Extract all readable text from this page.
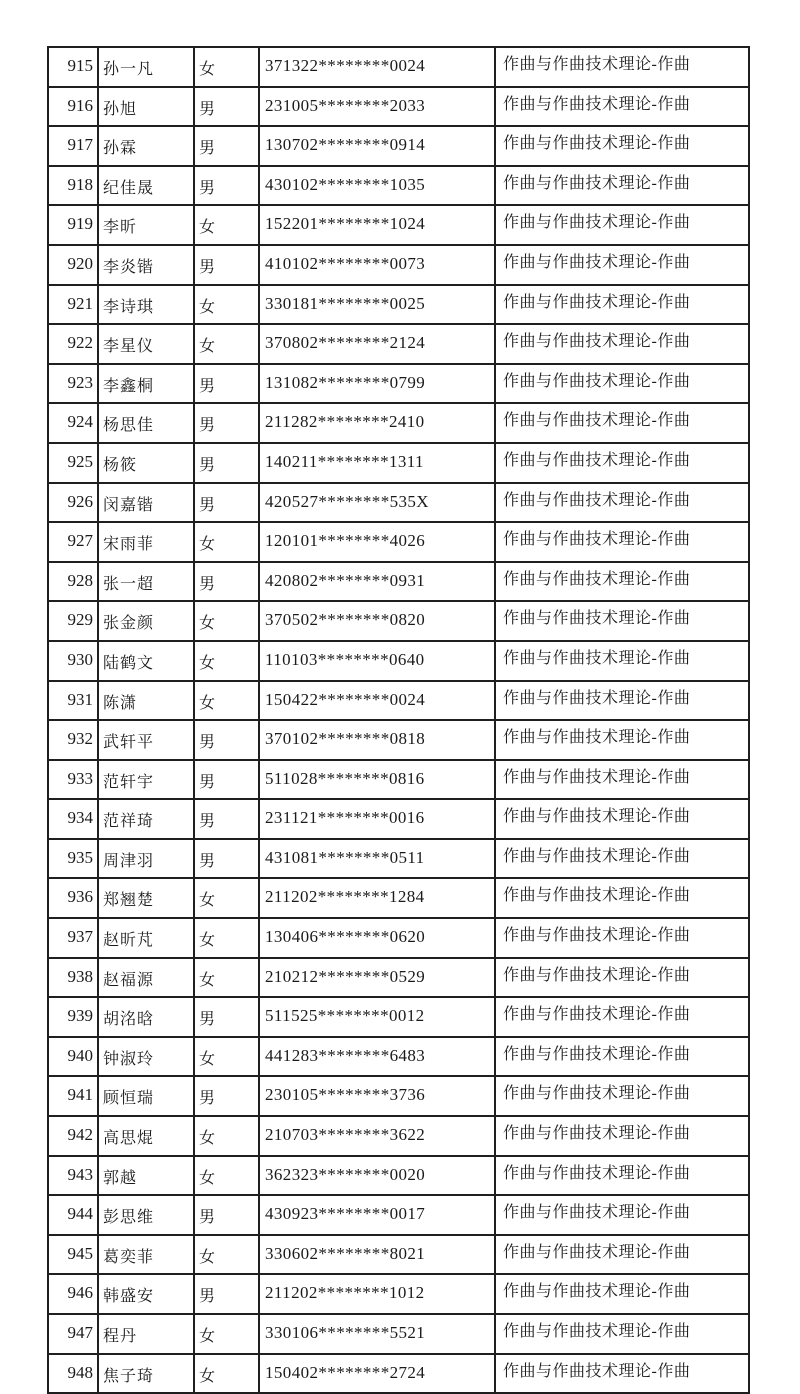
915	孙一凡	女	371322********0024	作曲与作曲技术理论-作曲
916	孙旭	男	231005********2033	作曲与作曲技术理论-作曲
917	孙霖	男	130702********0914	作曲与作曲技术理论-作曲
918	纪佳晟	男	430102********1035	作曲与作曲技术理论-作曲
919	李昕	女	152201********1024	作曲与作曲技术理论-作曲
920	李炎锴	男	410102********0073	作曲与作曲技术理论-作曲
921	李诗琪	女	330181********0025	作曲与作曲技术理论-作曲
922	李星仪	女	370802********2124	作曲与作曲技术理论-作曲
923	李鑫桐	男	131082********0799	作曲与作曲技术理论-作曲
924	杨思佳	男	211282********2410	作曲与作曲技术理论-作曲
925	杨筱	男	140211********1311	作曲与作曲技术理论-作曲
926	闵嘉锴	男	420527********535X	作曲与作曲技术理论-作曲
927	宋雨菲	女	120101********4026	作曲与作曲技术理论-作曲
928	张一超	男	420802********0931	作曲与作曲技术理论-作曲
929	张金颜	女	370502********0820	作曲与作曲技术理论-作曲
930	陆鹤文	女	110103********0640	作曲与作曲技术理论-作曲
931	陈潇	女	150422********0024	作曲与作曲技术理论-作曲
932	武轩平	男	370102********0818	作曲与作曲技术理论-作曲
933	范轩宇	男	511028********0816	作曲与作曲技术理论-作曲
934	范祥琦	男	231121********0016	作曲与作曲技术理论-作曲
935	周津羽	男	431081********0511	作曲与作曲技术理论-作曲
936	郑翘楚	女	211202********1284	作曲与作曲技术理论-作曲
937	赵昕芃	女	130406********0620	作曲与作曲技术理论-作曲
938	赵福源	女	210212********0529	作曲与作曲技术理论-作曲
939	胡洺晗	男	511525********0012	作曲与作曲技术理论-作曲
940	钟淑玲	女	441283********6483	作曲与作曲技术理论-作曲
941	顾恒瑞	男	230105********3736	作曲与作曲技术理论-作曲
942	高思焜	女	210703********3622	作曲与作曲技术理论-作曲
943	郭越	女	362323********0020	作曲与作曲技术理论-作曲
944	彭思维	男	430923********0017	作曲与作曲技术理论-作曲
945	葛奕菲	女	330602********8021	作曲与作曲技术理论-作曲
946	韩盛安	男	211202********1012	作曲与作曲技术理论-作曲
947	程丹	女	330106********5521	作曲与作曲技术理论-作曲
948	焦子琦	女	150402********2724	作曲与作曲技术理论-作曲
